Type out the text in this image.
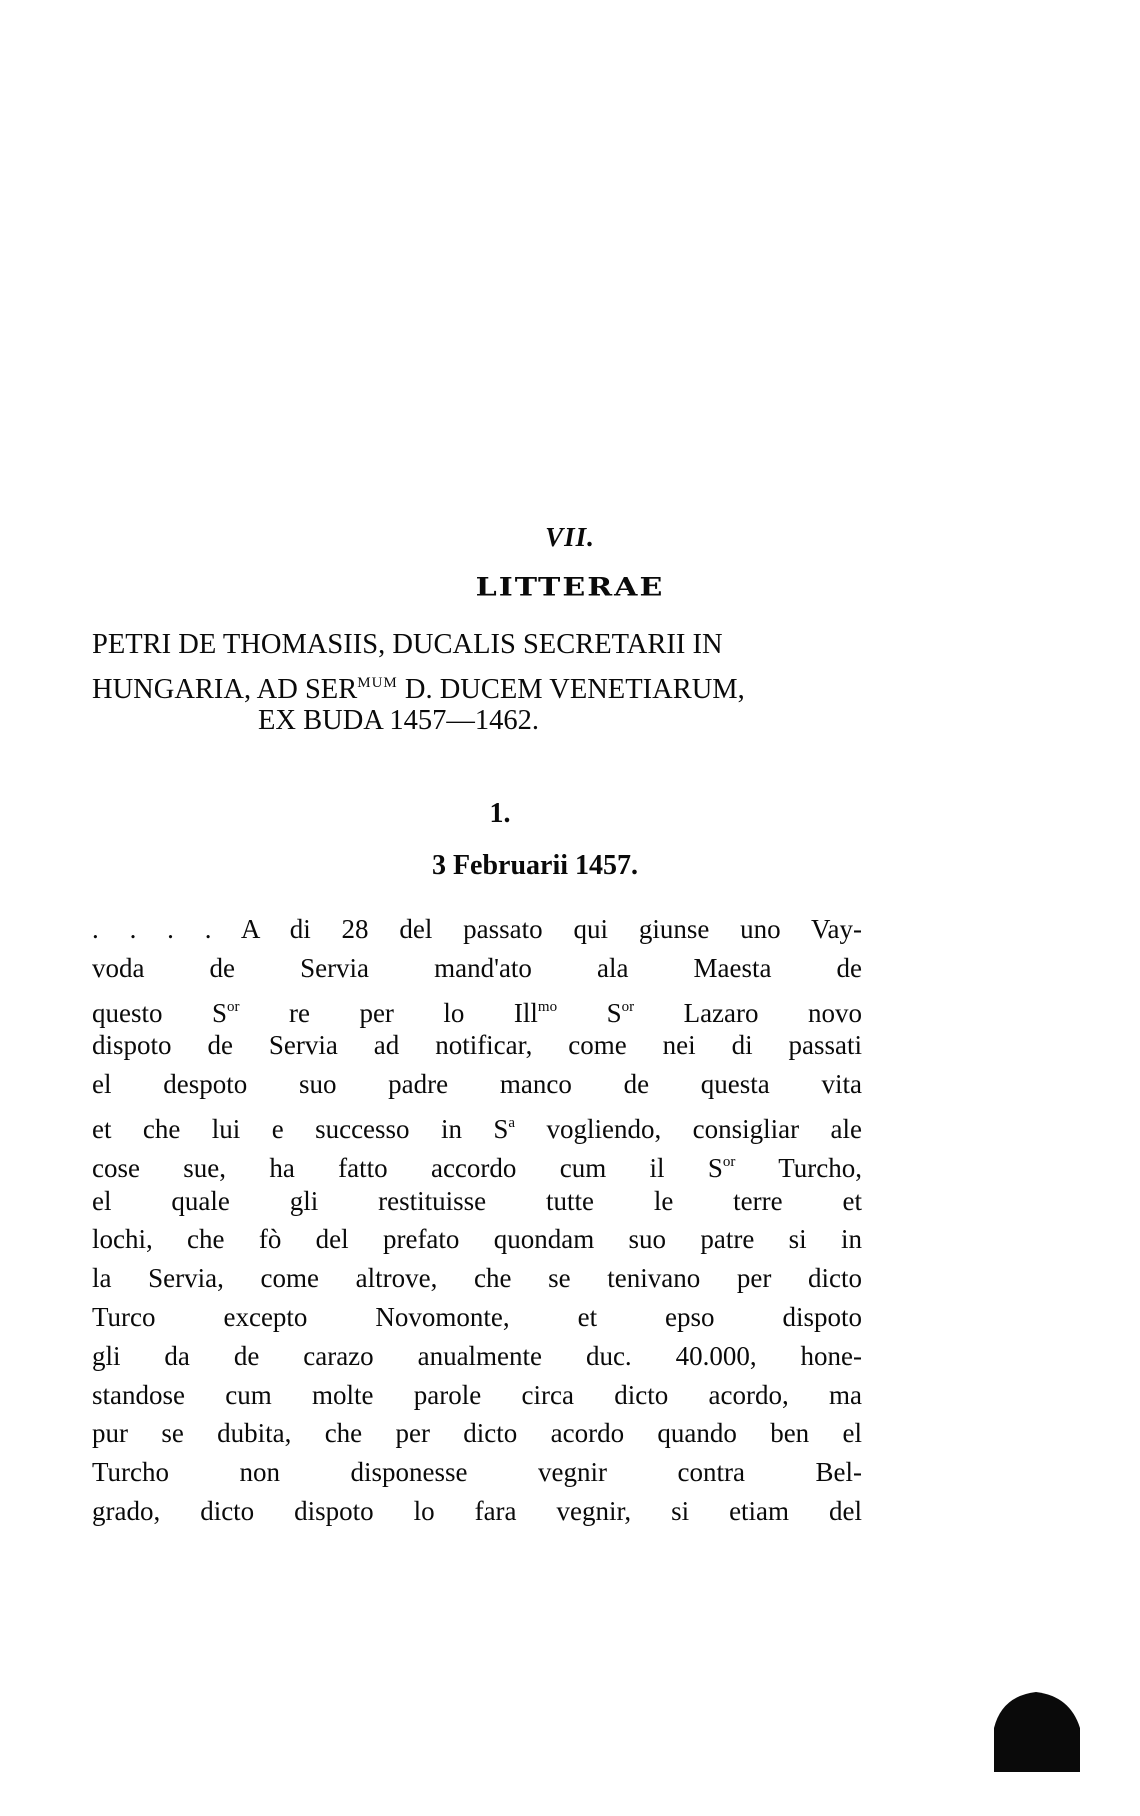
VII.
LITTERAE
PETRI DE THOMASIIS, DUCALIS SECRETARII IN
HUNGARIA, AD $SER^{MUM}$ D. DUCEM VENETIARUM,
EX BUDA 1457—1462.
1.
3 Februarii 1457.
. . . . A di 28 del passato qui giunse uno Vay-
voda de Servia mand'ato ala Maesta de
questo $S^{or}$ re per lo Ill$^{mo}$ $S^{or}$ Lazaro novo
dispoto de Servia ad notificar, come nei di passati
el despoto suo padre manco de questa vita
et che lui e successo in $S^a$ vogliendo, consigliar ale
cose sue, ha fatto accordo cum il $S^{or}$ Turcho,
el quale gli restituisse tutte le terre et
lochi, che fò del prefato quondam suo patre si in
la Servia, come altrove, che se tenivano per dicto
Turco excepto Novomonte, et epso dispoto
gli da de carazo anualmente duc. 40.000, hone-
standose cum molte parole circa dicto acordo, ma
pur se dubita, che per dicto acordo quando ben el
Turcho non disponesse vegnir contra Bel-
grado, dicto dispoto lo fara vegnir, si etiam del
